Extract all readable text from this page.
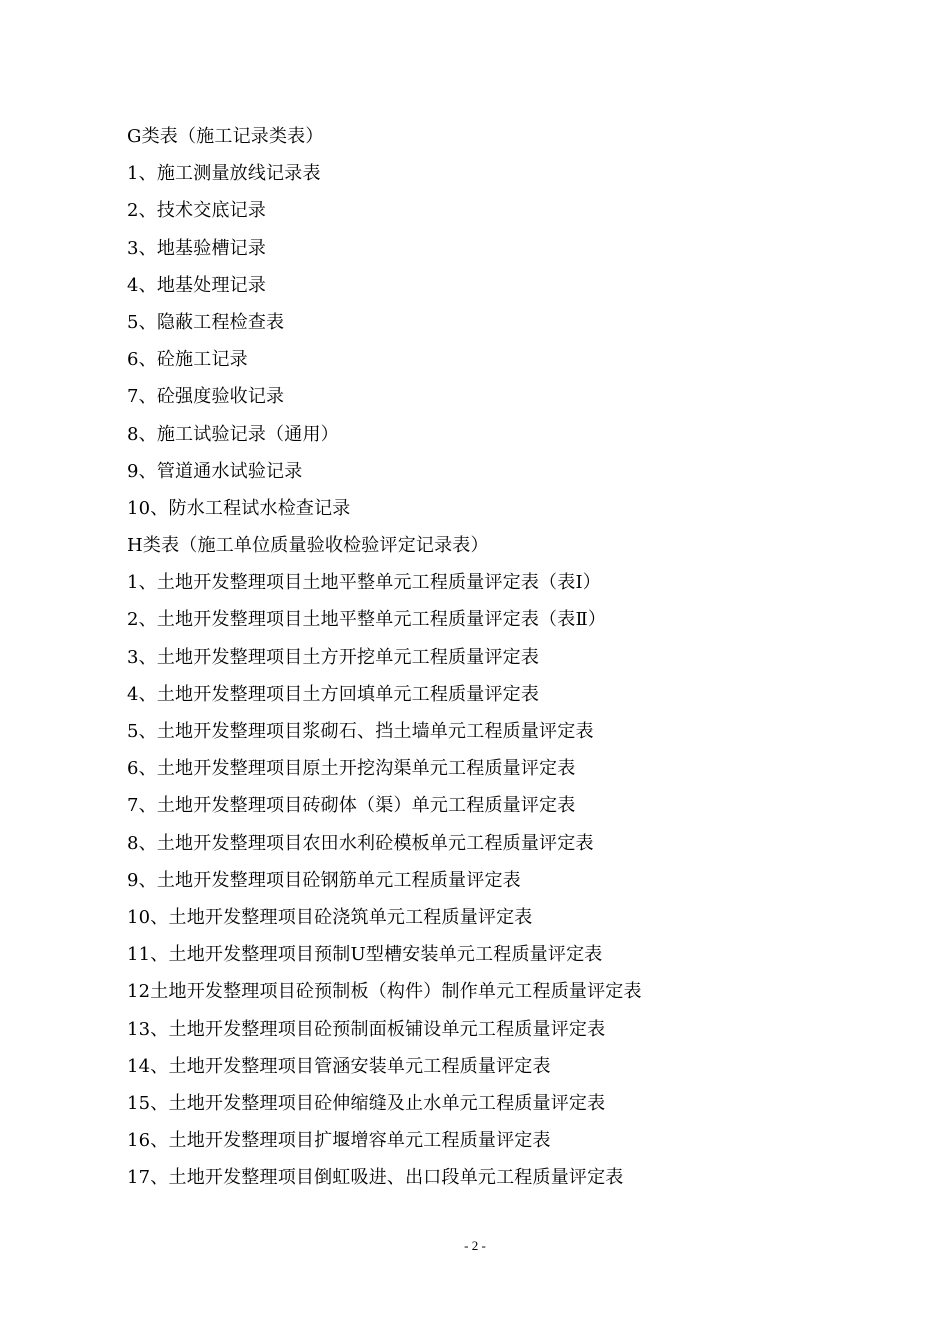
G类表（施工记录类表）
1、施工测量放线记录表
2、技术交底记录
3、地基验槽记录
4、地基处理记录
5、隐蔽工程检查表
6、砼施工记录
7、砼强度验收记录
8、施工试验记录（通用）
9、管道通水试验记录
10、防水工程试水检查记录
H类表（施工单位质量验收检验评定记录表）
1、土地开发整理项目土地平整单元工程质量评定表（表Ⅰ）
2、土地开发整理项目土地平整单元工程质量评定表（表Ⅱ）
3、土地开发整理项目土方开挖单元工程质量评定表
4、土地开发整理项目土方回填单元工程质量评定表
5、土地开发整理项目浆砌石、挡土墙单元工程质量评定表
6、土地开发整理项目原土开挖沟渠单元工程质量评定表
7、土地开发整理项目砖砌体（渠）单元工程质量评定表
8、土地开发整理项目农田水利砼模板单元工程质量评定表
9、土地开发整理项目砼钢筋单元工程质量评定表
10、土地开发整理项目砼浇筑单元工程质量评定表
11、土地开发整理项目预制U型槽安装单元工程质量评定表
12土地开发整理项目砼预制板（构件）制作单元工程质量评定表
13、土地开发整理项目砼预制面板铺设单元工程质量评定表
14、土地开发整理项目管涵安装单元工程质量评定表
15、土地开发整理项目砼伸缩缝及止水单元工程质量评定表
16、土地开发整理项目扩堰增容单元工程质量评定表
17、土地开发整理项目倒虹吸进、出口段单元工程质量评定表
- 2 -
